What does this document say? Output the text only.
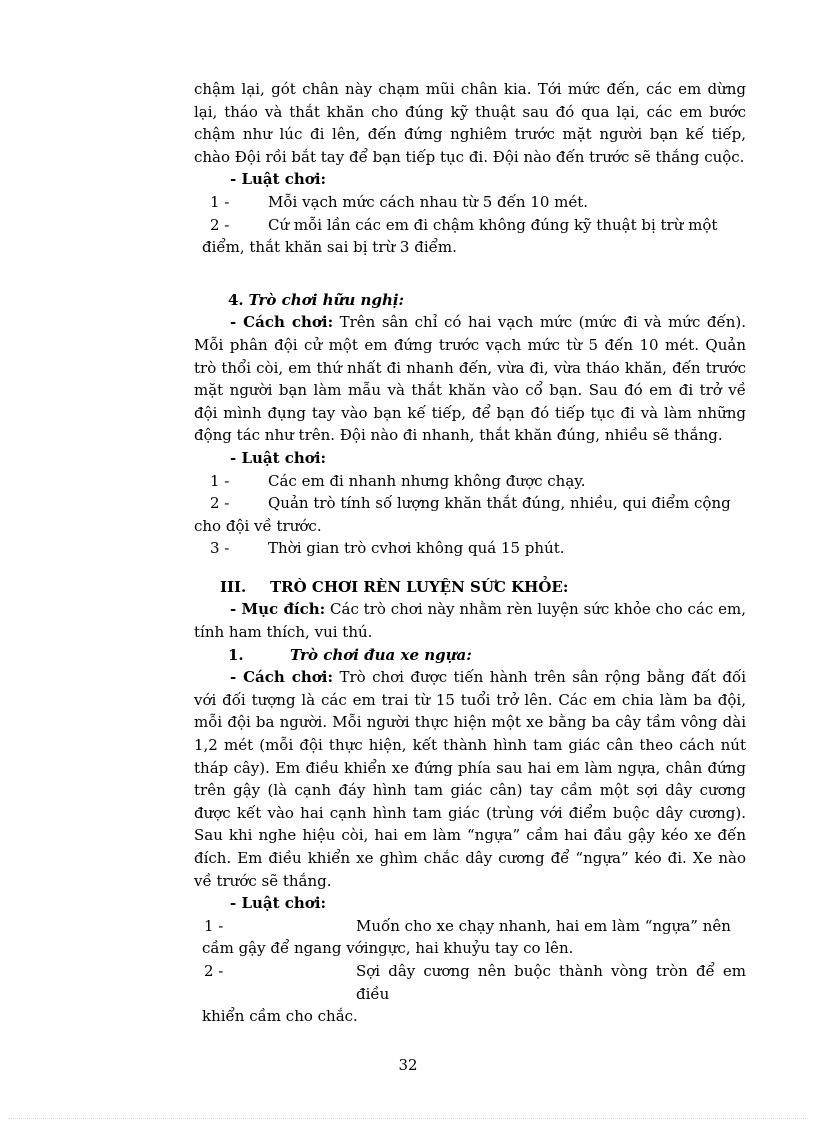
chậm lại, gót chân này chạm mũi chân kia. Tới mức đến, các em dừng lại, tháo và thắt khăn cho đúng kỹ thuật sau đó qua lại, các em bước chậm như lúc đi lên, đến đứng nghiêm trước mặt người bạn kế tiếp, chào Đội rồi bắt tay để bạn tiếp tục đi. Đội nào đến trước sẽ thắng cuộc.

- Luật chơi:

1 -	Mỗi vạch mức cách nhau từ 5 đến 10 mét.
2 -	Cứ mỗi lần các em đi chậm không đúng kỹ thuật bị trừ một

điểm, thắt khăn sai bị trừ 3 điểm.

4. Trò chơi hữu nghị:

- Cách chơi: Trên sân chỉ có hai vạch mức (mức đi và mức đến). Mỗi phân đội cử một em đứng trước vạch mức từ 5 đến 10 mét. Quản trò thổi còi, em thứ nhất đi nhanh đến, vừa đi, vừa tháo khăn, đến trước mặt người bạn làm mẫu và thắt khăn vào cổ bạn. Sau đó em đi trở về đội mình đụng tay vào bạn kế tiếp, để bạn đó tiếp tục đi và làm những động tác như trên. Đội nào đi nhanh, thắt khăn đúng, nhiều sẽ thắng.

- Luật chơi:

1 -	Các em đi nhanh nhưng không được chạy.
2 -	Quản trò tính số lượng khăn thắt đúng, nhiều, qui điểm cộng

cho đội về trước.

3 -	Thời gian trò cvhơi không quá 15 phút.
III.	TRÒ CHƠI RÈN LUYỆN SỨC KHỎE:

- Mục đích: Các trò chơi này nhằm rèn luyện sức khỏe cho các em, tính ham thích, vui thú.

1.	Trò chơi đua xe ngựa:

- Cách chơi: Trò chơi được tiến hành trên sân rộng bằng đất đối với đối tượng là các em trai từ 15 tuổi trở lên. Các em chia làm ba đội, mỗi đội ba người. Mỗi người thực hiện một xe bằng ba cây tầm vông dài 1,2 mét (mỗi đội thực hiện, kết thành hình tam giác cân theo cách nút tháp cây). Em điều khiển xe đứng phía sau hai em làm ngựa, chân đứng trên gậy (là cạnh đáy hình tam giác cân) tay cầm một sợi dây cương được kết vào hai cạnh hình tam giác (trùng với điểm buộc dây cương). Sau khi nghe hiệu còi, hai em làm “ngựa” cầm hai đầu gậy kéo xe đến đích. Em điều khiển xe ghìm chắc dây cương để “ngựa” kéo đi. Xe nào về trước sẽ thắng.

- Luật chơi:

1 -	Muốn cho xe chạy nhanh, hai em làm “ngựa” nên

cầm gậy để ngang vớingực, hai khuỷu tay co lên.

2 -	Sợi dây cương nên buộc thành vòng tròn để em điều

khiển cầm cho chắc.

32
